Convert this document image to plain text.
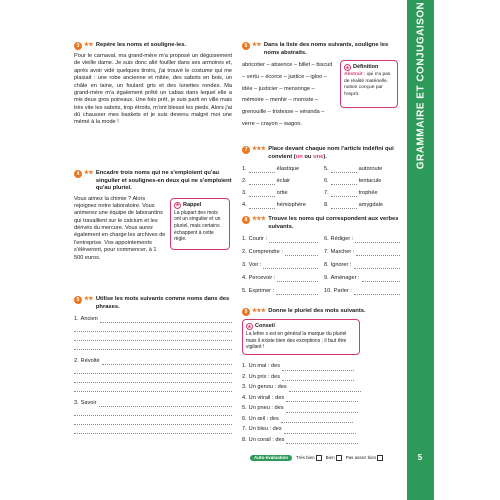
GRAMMAIRE ET CONJUGAISON
5
3 ★★ Repère les noms et souligne-les.

Pour le carnaval, ma grand-mère m'a proposé un déguisement de vieille dame. Je suis donc allé fouiller dans ses armoires et, après avoir vidé quelques tiroirs, j'ai trouvé le costume qui me plaisait : une robe ancienne et mitée, des sabots en bois, un châle en laine, un foulard gris et des lunettes rondes. Ma grand-mère m'a également prêté un cabas dans lequel elle a mis deux gros poireaux. Une fois prêt, je suis parti en ville mais très vite les sabots, trop étroits, m'ont blessé les pieds. Alors j'ai dû chausser mes baskets et je suis devenu malgré moi une mémé à la mode !

4 ★★ Encadre trois noms qui ne s'emploient qu'au singulier et soulignes-en deux qui ne s'emploient qu'au pluriel.

Vous aimez la chimie ? Alors rejoignez notre laboratoire. Vous animerez une équipe de laborantins qui travaillent sur le calcium et les dérivés du mercure. Vous aurez également en charge les archives de l'entreprise. Vos appointements s'élèveront, pour commencer, à 1 500 euros.

★ Rappel

La plupart des mots ont un singulier et un pluriel, mais certains échappent à cette règle.

5 ★★ Utilise les mots suivants comme noms dans des phrases.
1. Ancien
2. Révolté
3. Savoir
6 ★★ Dans la liste des noms suivants, souligne les noms abstraits.

abricotier – absence – billet – biscuit – vertu – écorce – justice – igloo – idée – justicier – mensonge – mémoire – menhir – moroste – grenouille – tristesse – véranda – verre – crayon – wagon.

★ Définition

Abstrait : qui n'a pas de réalité matérielle, notion conçue par l'esprit.

7 ★★★ Place devant chaque nom l'article indéfini qui convient (un ou une).
1.	élastique	5.	autoroute
2.	éclair	6.	tentacule
3.	ortie	7.	trophée
4.	hémisphère	8.	amygdale
8 ★★★ Trouve les noms qui correspondent aux verbes suivants.
1. Courir :	6. Rédiger :
2. Comprendre :	7. Marcher :
3. Voir :	8. Ignorer :
4. Percevoir :	9. Aménager :
5. Exprimer :	10. Parler :
9 ★★★ Donne le pluriel des mots suivants.
★ Conseil

La lettre s est en général la marque du pluriel mais il existe bien des exceptions ; il faut être vigilant !

1. Un mal : des
2. Un prix : des
3. Un genou : des
4. Un vitrail : des
5. Un pneu : des
6. Un œil : des
7. Un bleu : des
8. Un corail : des
Auto-évaluation	Très bien	Bien	Pas assez bien
